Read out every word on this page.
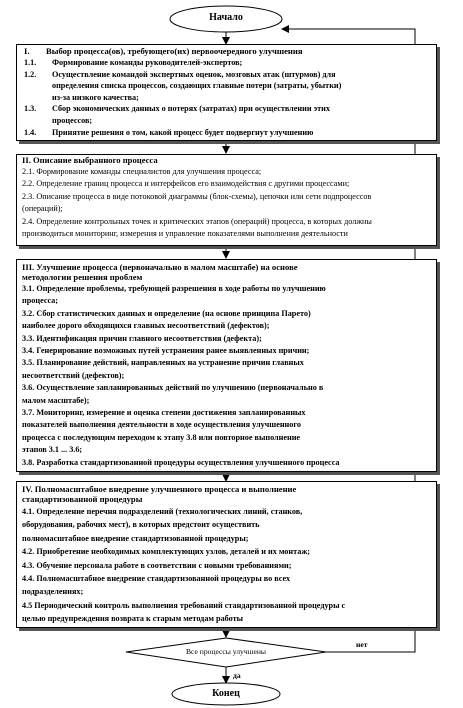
Начало
Конец
I. Выбор процесса(ов), требующего(их) первоочередного улучшения
1.1. Формирование команды руководителей-экспертов;
1.2. Осуществление командой экспертных оценок, мозговых атак (штурмов) для
определения списка процессов, создающих главные потери (затраты, убытки)
из-за низкого качества;
1.3. Сбор экономических данных о потерях (затратах) при осуществлении этих
процессов;
1.4. Принятие решения о том, какой процесс будет подвергнут улучшению
II. Описание выбранного процесса
2.1. Формирование команды специалистов для улучшения процесса;
2.2. Определение границ процесса и интерфейсов его взаимодействия с другими процессами;
2.3. Описание процесса в виде потоковой диаграммы (блок-схемы), цепочки или сети подпроцессов
(операций);
2.4. Определение контрольных точек и критических этапов (операций) процесса, в которых должны
производиться мониторинг, измерения и управление показателями выполнения деятельности
III. Улучшение процесса (первоначально в малом масштабе) на основе
методологии решения проблем
3.1. Определение проблемы, требующей разрешения в ходе работы по улучшению
процесса;
3.2. Сбор статистических данных и определение (на основе принципа Парето)
наиболее дорого обходящихся главных несоответствий (дефектов);
3.3. Идентификация причин главного несоответствия (дефекта);
3.4. Генерирование возможных путей устранения ранее выявленных причин;
3.5. Планирование действий, направленных на устранение причин главных
несоответствий (дефектов);
3.6. Осуществление запланированных действий по улучшению (первоначально в
малом масштабе);
3.7. Мониторинг, измерение и оценка степени достижения запланированных
показателей выполнения деятельности в ходе осуществления улучшенного
процесса с последующим переходом к этапу 3.8 или повторное выполнение
этапов 3.1 ... 3.6;
3.8. Разработка стандартизованной процедуры осуществления улучшенного процесса
IV. Полномасштабное внедрение улучшенного процесса и выполнение
стандартизованной процедуры
4.1. Определение перечня подразделений (технологических линий, станков,
оборудования, рабочих мест), в которых предстоит осуществить
полномасштабное внедрение стандартизованной процедуры;
4.2. Приобретение необходимых комплектующих узлов, деталей и их монтаж;
4.3. Обучение персонала работе в соответствии с новыми требованиями;
4.4. Полномасштабное внедрение стандартизованной процедуры во всех
подразделениях;
4.5 Периодический контроль выполнения требований стандартизованной процедуры с
целью предупреждения возврата к старым методам работы
Все процессы улучшены
нет
да
